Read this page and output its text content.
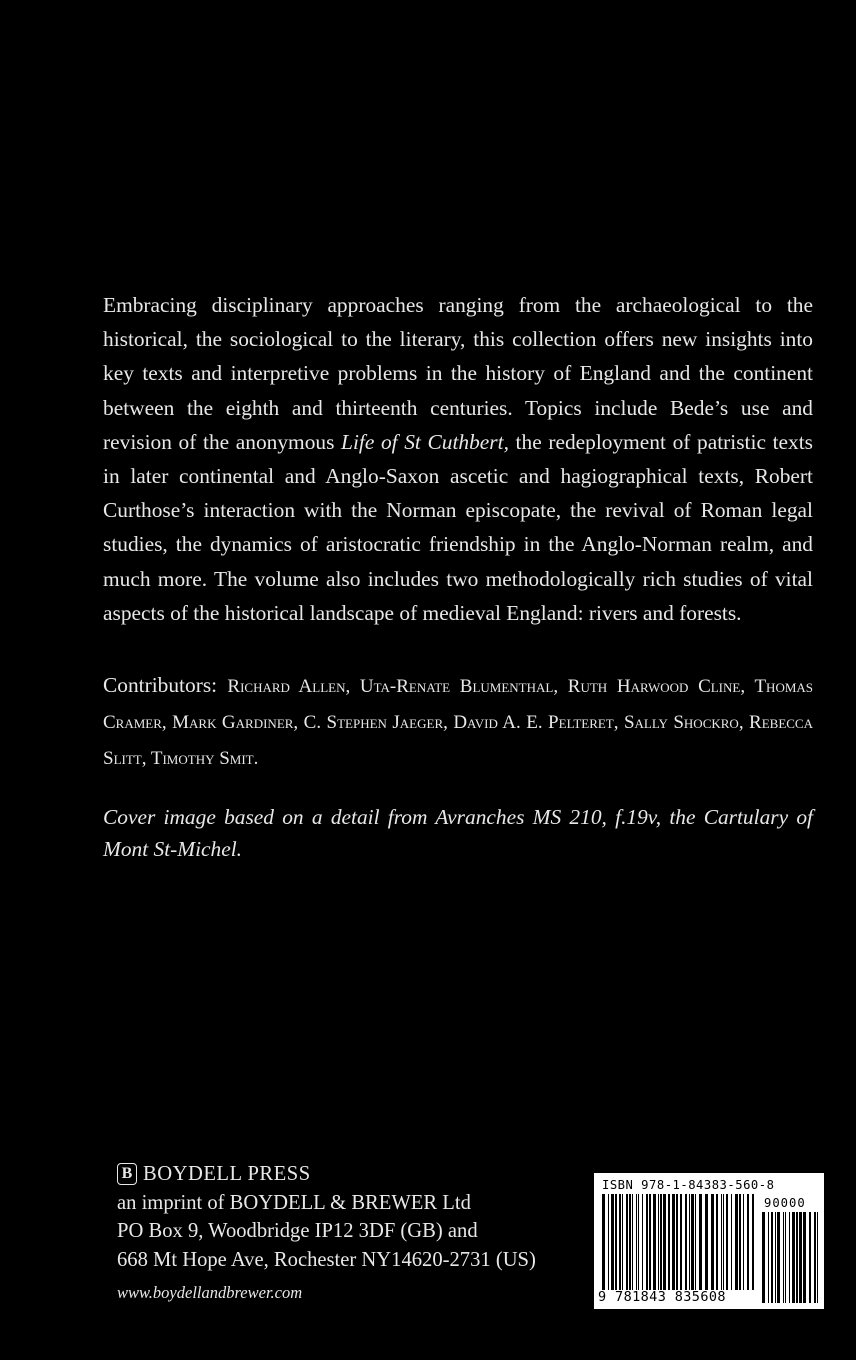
Embracing disciplinary approaches ranging from the archaeological to the historical, the sociological to the literary, this collection offers new insights into key texts and interpretive problems in the history of England and the continent between the eighth and thirteenth centuries. Topics include Bede’s use and revision of the anonymous Life of St Cuthbert, the redeployment of patristic texts in later continental and Anglo-Saxon ascetic and hagiographical texts, Robert Curthose’s interaction with the Norman episcopate, the revival of Roman legal studies, the dynamics of aristocratic friendship in the Anglo-Norman realm, and much more. The volume also includes two methodologically rich studies of vital aspects of the historical landscape of medieval England: rivers and forests.

Contributors: Richard Allen, Uta-Renate Blumenthal, Ruth Harwood Cline, Thomas Cramer, Mark Gardiner, C. Stephen Jaeger, David A. E. Pelteret, Sally Shockro, Rebecca Slitt, Timothy Smit.

Cover image based on a detail from Avranches MS 210, f.19v, the Cartulary of Mont St-Michel.

B BOYDELL PRESS
an imprint of BOYDELL & BREWER Ltd
PO Box 9, Woodbridge IP12 3DF (GB) and
668 Mt Hope Ave, Rochester NY14620-2731 (US)
www.boydellandbrewer.com
ISBN 978-1-84383-560-8
90000
9 781843 835608
